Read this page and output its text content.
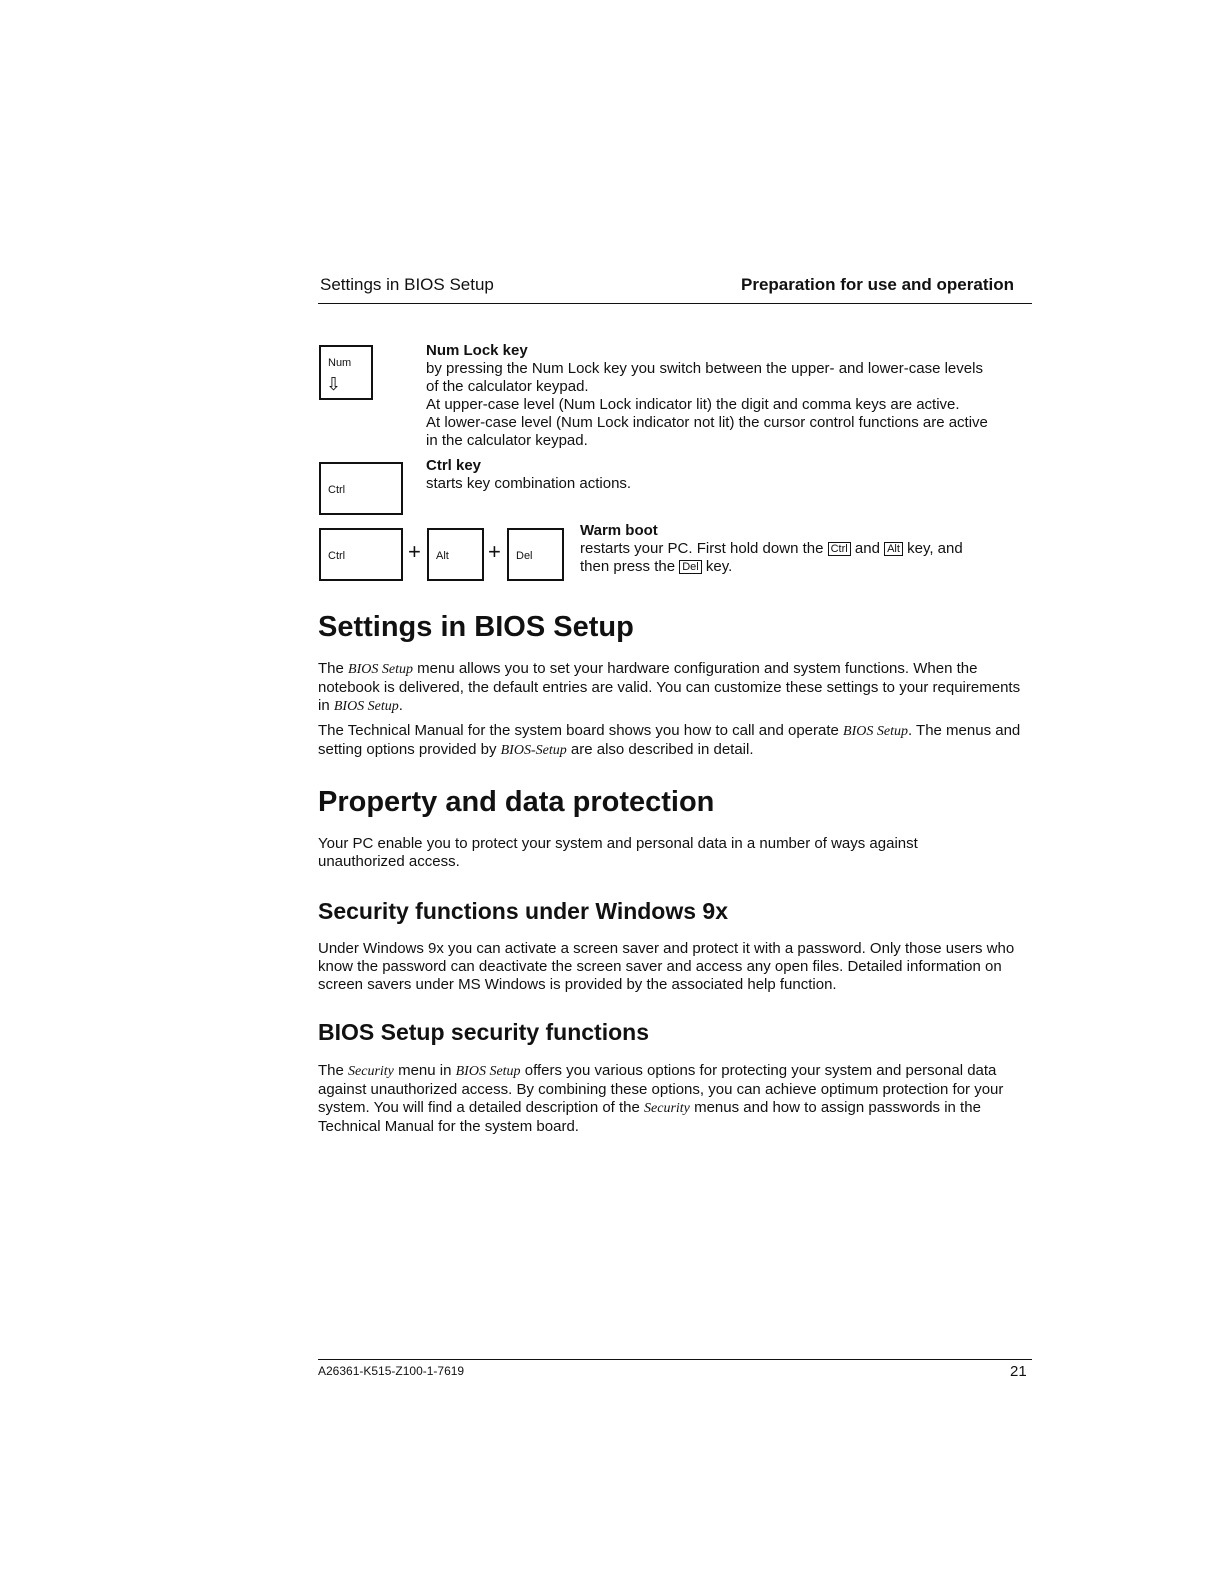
Settings in BIOS Setup	Preparation for use and operation
Num
⇩
Num Lock key
by pressing the Num Lock key you switch between the upper- and lower-case levels
of the calculator keypad.
At upper-case level (Num Lock indicator lit) the digit and comma keys are active.
At lower-case level (Num Lock indicator not lit) the cursor control functions are active
in the calculator keypad.
Ctrl
Ctrl key
starts key combination actions.
Ctrl	+ Alt + Del
Warm boot
restarts your PC. First hold down the Ctrl and Alt key, and
then press the Del key.
Settings in BIOS Setup
The BIOS Setup menu allows you to set your hardware configuration and system functions. When the notebook is delivered, the default entries are valid. You can customize these settings to your requirements in BIOS Setup.
The Technical Manual for the system board shows you how to call and operate BIOS Setup. The menus and setting options provided by BIOS-Setup are also described in detail.
Property and data protection
Your PC enable you to protect your system and personal data in a number of ways against unauthorized access.
Security functions under Windows 9x
Under Windows 9x you can activate a screen saver and protect it with a password. Only those users who know the password can deactivate the screen saver and access any open files. Detailed information on screen savers under MS Windows is provided by the associated help function.
BIOS Setup security functions
The Security menu in BIOS Setup offers you various options for protecting your system and personal data against unauthorized access. By combining these options, you can achieve optimum protection for your system. You will find a detailed description of the Security menus and how to assign passwords in the Technical Manual for the system board.
A26361-K515-Z100-1-7619	21
